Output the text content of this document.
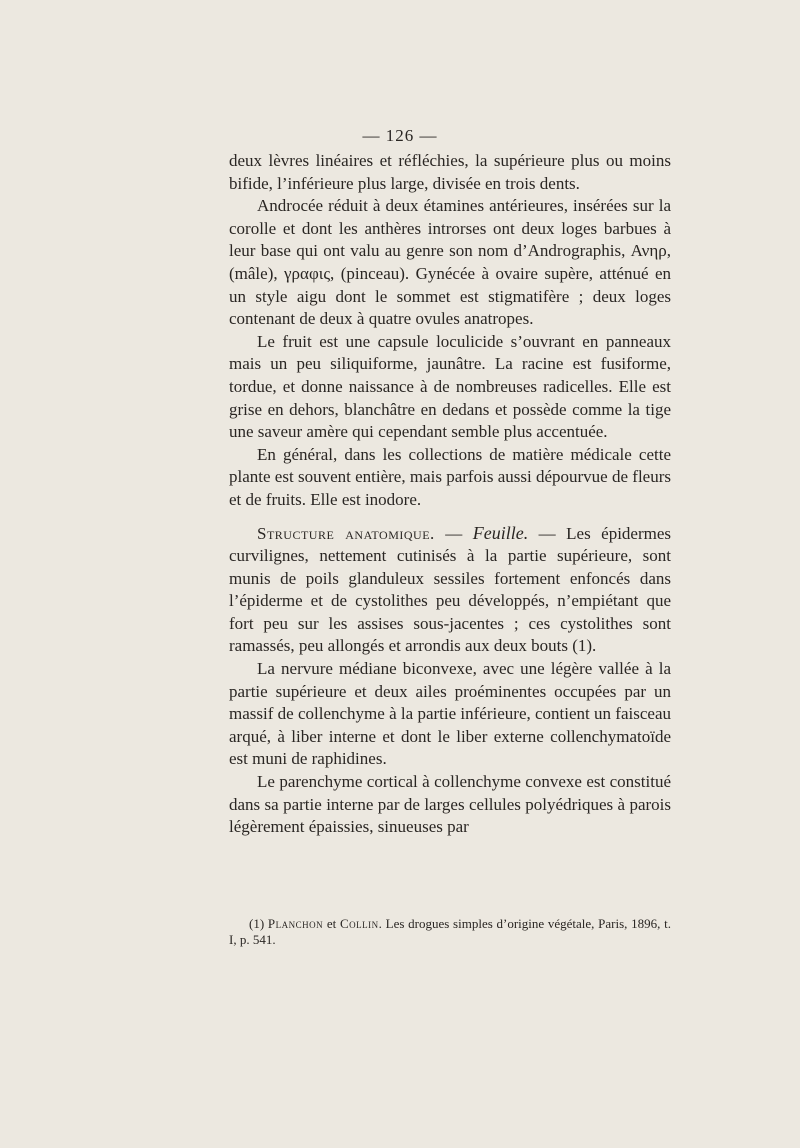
— 126 —

deux lèvres linéaires et réfléchies, la supérieure plus ou moins bifide, l’inférieure plus large, divisée en trois dents.

Androcée réduit à deux étamines antérieures, insérées sur la corolle et dont les anthères introrses ont deux loges barbues à leur base qui ont valu au genre son nom d’Andrographis, Ανηρ, (mâle), γραφις, (pinceau). Gynécée à ovaire supère, atténué en un style aigu dont le sommet est stigmatifère ; deux loges contenant de deux à quatre ovules anatropes.

Le fruit est une capsule loculicide s’ouvrant en panneaux mais un peu siliquiforme, jaunâtre. La racine est fusiforme, tordue, et donne naissance à de nombreuses radicelles. Elle est grise en dehors, blanchâtre en dedans et possède comme la tige une saveur amère qui cependant semble plus accentuée.

En général, dans les collections de matière médicale cette plante est souvent entière, mais parfois aussi dépourvue de fleurs et de fruits. Elle est inodore.

Structure anatomique. — Feuille. — Les épidermes curvilignes, nettement cutinisés à la partie supérieure, sont munis de poils glanduleux sessiles fortement enfoncés dans l’épiderme et de cystolithes peu développés, n’empiétant que fort peu sur les assises sous-jacentes ; ces cystolithes sont ramassés, peu allongés et arrondis aux deux bouts (1).

La nervure médiane biconvexe, avec une légère vallée à la partie supérieure et deux ailes proéminentes occupées par un massif de collenchyme à la partie inférieure, contient un faisceau arqué, à liber interne et dont le liber externe collenchymatoïde est muni de raphidines.

Le parenchyme cortical à collenchyme convexe est constitué dans sa partie interne par de larges cellules polyédriques à parois légèrement épaissies, sinueuses par

(1) Planchon et Collin. Les drogues simples d’origine végétale, Paris, 1896, t. I, p. 541.
